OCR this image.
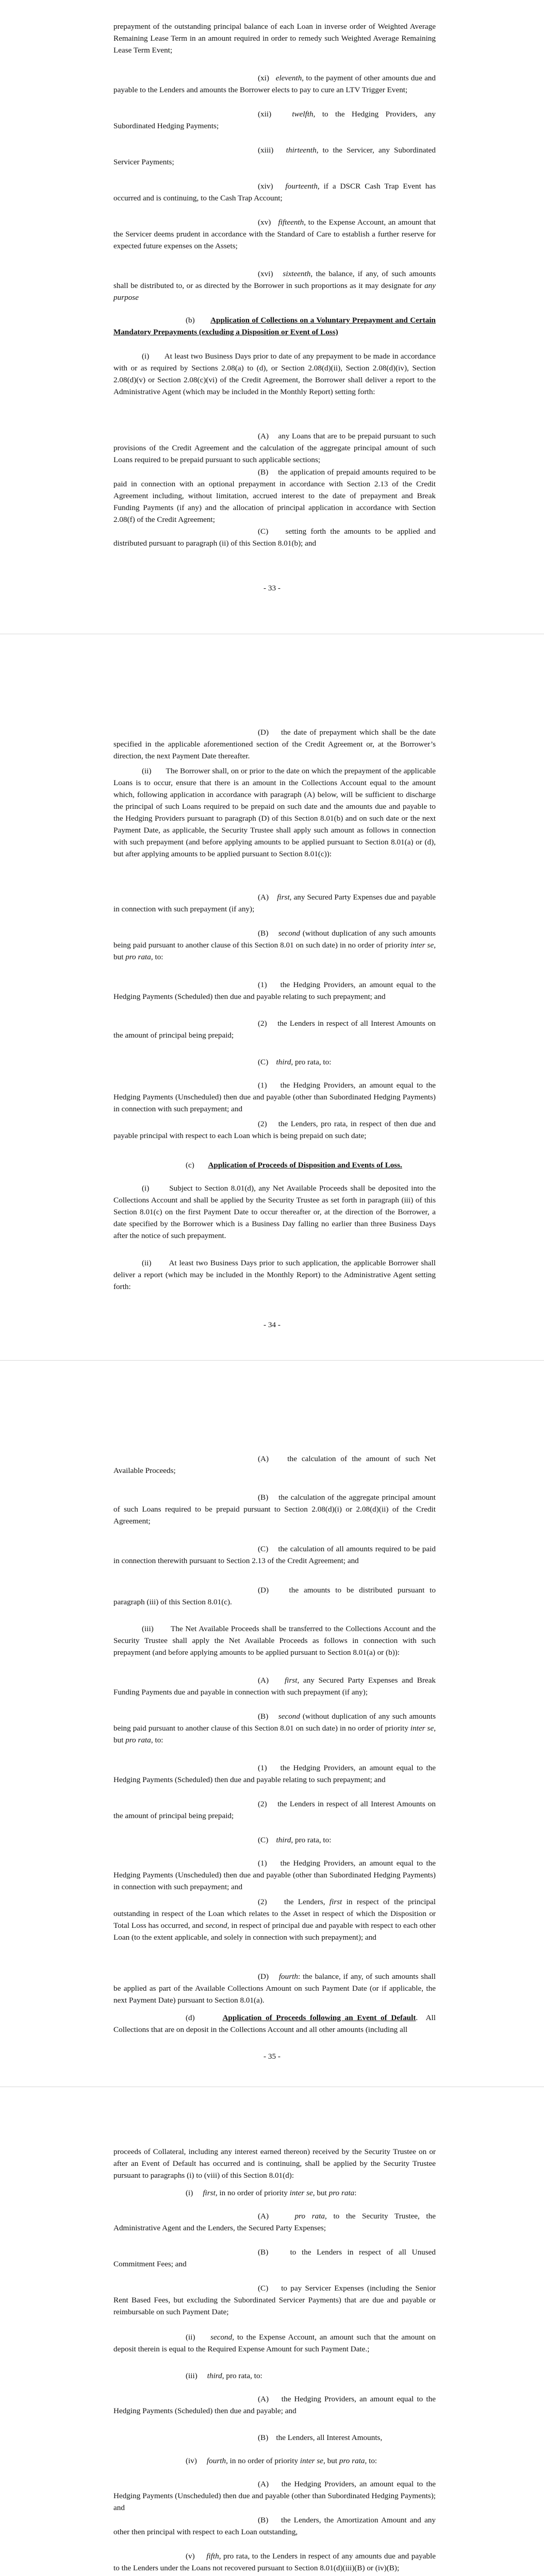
prepayment of the outstanding principal balance of each Loan in inverse order of Weighted Average Remaining Lease Term in an amount required in order to remedy such Weighted Average Remaining Lease Term Event;

(xi)   eleventh, to the payment of other amounts due and payable to the Lenders and amounts the Borrower elects to pay to cure an LTV Trigger Event;

(xii)   twelfth, to the Hedging Providers, any Subordinated Hedging Payments;

(xiii)   thirteenth, to the Servicer, any Subordinated Servicer Payments;

(xiv)   fourteenth, if a DSCR Cash Trap Event has occurred and is continuing, to the Cash Trap Account;

(xv)   fifteenth, to the Expense Account, an amount that the Servicer deems prudent in accordance with the Standard of Care to establish a further reserve for expected future expenses on the Assets;

(xvi)   sixteenth, the balance, if any, of such amounts shall be distributed to, or as directed by the Borrower in such proportions as it may designate for any purpose

(b)       Application of Collections on a Voluntary Prepayment and Certain Mandatory Prepayments (excluding a Disposition or Event of Loss)

(i)       At least two Business Days prior to date of any prepayment to be made in accordance with or as required by Sections 2.08(a) to (d), or Section 2.08(d)(ii), Section 2.08(d)(iv), Section 2.08(d)(v) or Section 2.08(c)(vi) of the Credit Agreement, the Borrower shall deliver a report to the Administrative Agent (which may be included in the Monthly Report) setting forth:

(A)    any Loans that are to be prepaid pursuant to such provisions of the Credit Agreement and the calculation of the aggregate principal amount of such Loans required to be prepaid pursuant to such applicable sections;

(B)    the application of prepaid amounts required to be paid in connection with an optional prepayment in accordance with Section 2.13 of the Credit Agreement including, without limitation, accrued interest to the date of prepayment and Break Funding Payments (if any) and the allocation of principal application in accordance with Section 2.08(f) of the Credit Agreement;

(C)    setting forth the amounts to be applied and distributed pursuant to paragraph (ii) of this Section 8.01(b); and

- 33 -

(D)    the date of prepayment which shall be the date specified in the applicable aforementioned section of the Credit Agreement or, at the Borrower’s direction, the next Payment Date thereafter.

(ii)       The Borrower shall, on or prior to the date on which the prepayment of the applicable Loans is to occur, ensure that there is an amount in the Collections Account equal to the amount which, following application in accordance with paragraph (A) below, will be sufficient to discharge the principal of such Loans required to be prepaid on such date and the amounts due and payable to the Hedging Providers pursuant to paragraph (D) of this Section 8.01(b) and on such date or the next Payment Date, as applicable, the Security Trustee shall apply such amount as follows in connection with such prepayment (and before applying amounts to be applied pursuant to Section 8.01(a) or (d), but after applying amounts to be applied pursuant to Section 8.01(c)):

(A)    first, any Secured Party Expenses due and payable in connection with such prepayment (if any);

(B)    second (without duplication of any such amounts being paid pursuant to another clause of this Section 8.01 on such date) in no order of priority inter se, but pro rata, to:

(1)    the Hedging Providers, an amount equal to the Hedging Payments (Scheduled) then due and payable relating to such prepayment; and

(2)    the Lenders in respect of all Interest Amounts on the amount of principal being prepaid;

(C)    third, pro rata, to:

(1)    the Hedging Providers, an amount equal to the Hedging Payments (Unscheduled) then due and payable (other than Subordinated Hedging Payments) in connection with such prepayment; and

(2)    the Lenders, pro rata, in respect of then due and payable principal with respect to each Loan which is being prepaid on such date;

(c)       Application of Proceeds of Disposition and Events of Loss.

(i)       Subject to Section 8.01(d), any Net Available Proceeds shall be deposited into the Collections Account and shall be applied by the Security Trustee as set forth in paragraph (iii) of this Section 8.01(c) on the first Payment Date to occur thereafter or, at the direction of the Borrower, a date specified by the Borrower which is a Business Day falling no earlier than three Business Days after the notice of such prepayment.

(ii)       At least two Business Days prior to such application, the applicable Borrower shall deliver a report (which may be included in the Monthly Report) to the Administrative Agent setting forth:

- 34 -

(A)    the calculation of the amount of such Net Available Proceeds;

(B)    the calculation of the aggregate principal amount of such Loans required to be prepaid pursuant to Section 2.08(d)(i) or 2.08(d)(ii) of the Credit Agreement;

(C)    the calculation of all amounts required to be paid in connection therewith pursuant to Section 2.13 of the Credit Agreement; and

(D)    the amounts to be distributed pursuant to paragraph (iii) of this Section 8.01(c).

(iii)       The Net Available Proceeds shall be transferred to the Collections Account and the Security Trustee shall apply the Net Available Proceeds as follows in connection with such prepayment (and before applying amounts to be applied pursuant to Section 8.01(a) or (b)):

(A)    first, any Secured Party Expenses and Break Funding Payments due and payable in connection with such prepayment (if any);

(B)    second (without duplication of any such amounts being paid pursuant to another clause of this Section 8.01 on such date) in no order of priority inter se, but pro rata, to:

(1)    the Hedging Providers, an amount equal to the Hedging Payments (Scheduled) then due and payable relating to such prepayment; and

(2)    the Lenders in respect of all Interest Amounts on the amount of principal being prepaid;

(C)    third, pro rata, to:

(1)    the Hedging Providers, an amount equal to the Hedging Payments (Unscheduled) then due and payable (other than Subordinated Hedging Payments) in connection with such prepayment; and

(2)    the Lenders, first in respect of the principal outstanding in respect of the Loan which relates to the Asset in respect of which the Disposition or Total Loss has occurred, and second, in respect of principal due and payable with respect to each other Loan (to the extent applicable, and solely in connection with such prepayment); and

(D)    fourth: the balance, if any, of such amounts shall be applied as part of the Available Collections Amount on such Payment Date (or if applicable, the next Payment Date) pursuant to Section 8.01(a).

(d)       Application of Proceeds following an Event of Default.  All Collections that are on deposit in the Collections Account and all other amounts (including all

- 35 -

proceeds of Collateral, including any interest earned thereon) received by the Security Trustee on or after an Event of Default has occurred and is continuing, shall be applied by the Security Trustee pursuant to paragraphs (i) to (viii) of this Section 8.01(d):

(i)     first, in no order of priority inter se, but pro rata:

(A)    pro rata, to the Security Trustee, the Administrative Agent and the Lenders, the Secured Party Expenses;

(B)    to the Lenders in respect of all Unused Commitment Fees; and

(C)    to pay Servicer Expenses (including the Senior Rent Based Fees, but excluding the Subordinated Servicer Payments) that are due and payable or reimbursable on such Payment Date;

(ii)     second, to the Expense Account, an amount such that the amount on deposit therein is equal to the Required Expense Amount for such Payment Date.;

(iii)     third, pro rata, to:

(A)    the Hedging Providers, an amount equal to the Hedging Payments (Scheduled) then due and payable; and

(B)    the Lenders, all Interest Amounts,

(iv)     fourth, in no order of priority inter se, but pro rata, to:

(A)    the Hedging Providers, an amount equal to the Hedging Payments (Unscheduled) then due and payable (other than Subordinated Hedging Payments); and

(B)    the Lenders, the Amortization Amount and any other then principal with respect to each Loan outstanding,

(v)     fifth, pro rata, to the Lenders in respect of any amounts due and payable to the Lenders under the Loans not recovered pursuant to Section 8.01(d)(iii)(B) or (iv)(B);
